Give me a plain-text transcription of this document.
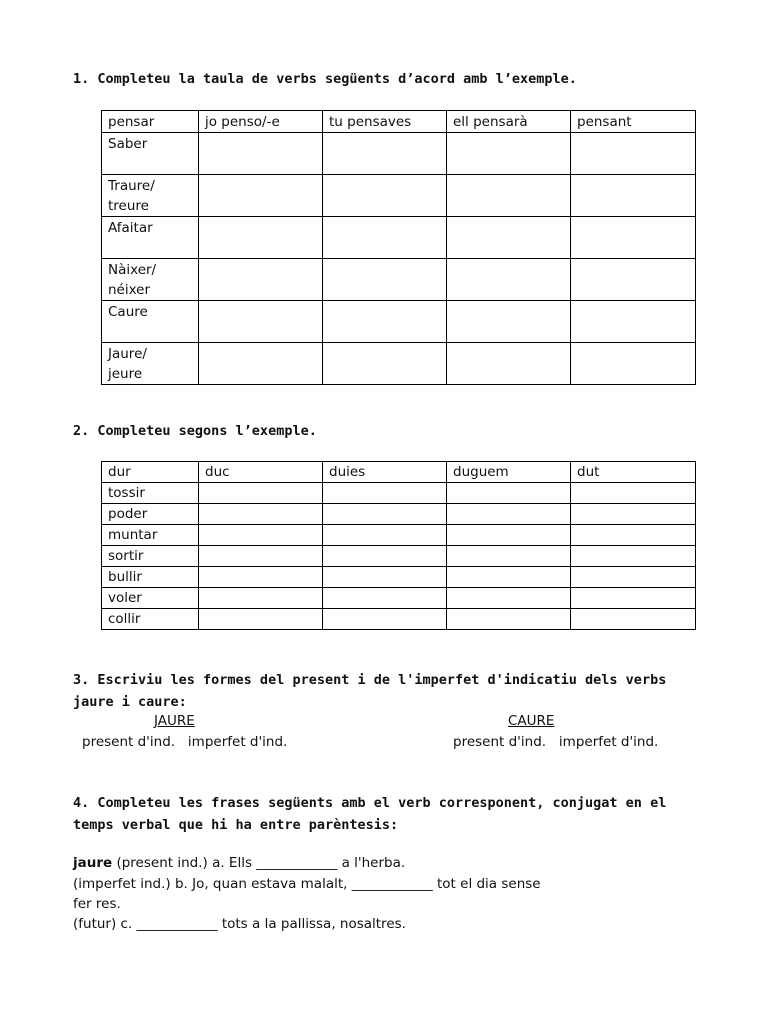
1. Completeu la taula de verbs següents d’acord amb l’exemple.
pensar	jo penso/-e	tu pensaves	ell pensarà	pensant

Saber				

Traure/
treure				

Afaitar				

Nàixer/
néixer				

Caure				

Jaure/
jeure				

2. Completeu segons l’exemple.
dur	duc	duies	duguem	dut
tossir				
poder				
muntar				
sortir				
bullir				
voler				
collir				
3. Escriviu les formes del present i de l'imperfet d'indicatiu dels verbs jaure i caure:
JAURE	CAURE
present d'ind.   imperfet d'ind.	present d'ind.   imperfet d'ind.
4. Completeu les frases següents amb el verb corresponent, conjugat en el temps verbal que hi ha entre parèntesis:
jaure (present ind.) a. Ells ____________ a l'herba.
(imperfet ind.) b. Jo, quan estava malalt, ____________ tot el dia sense
fer res.
(futur) c. ____________ tots a la pallissa, nosaltres.
